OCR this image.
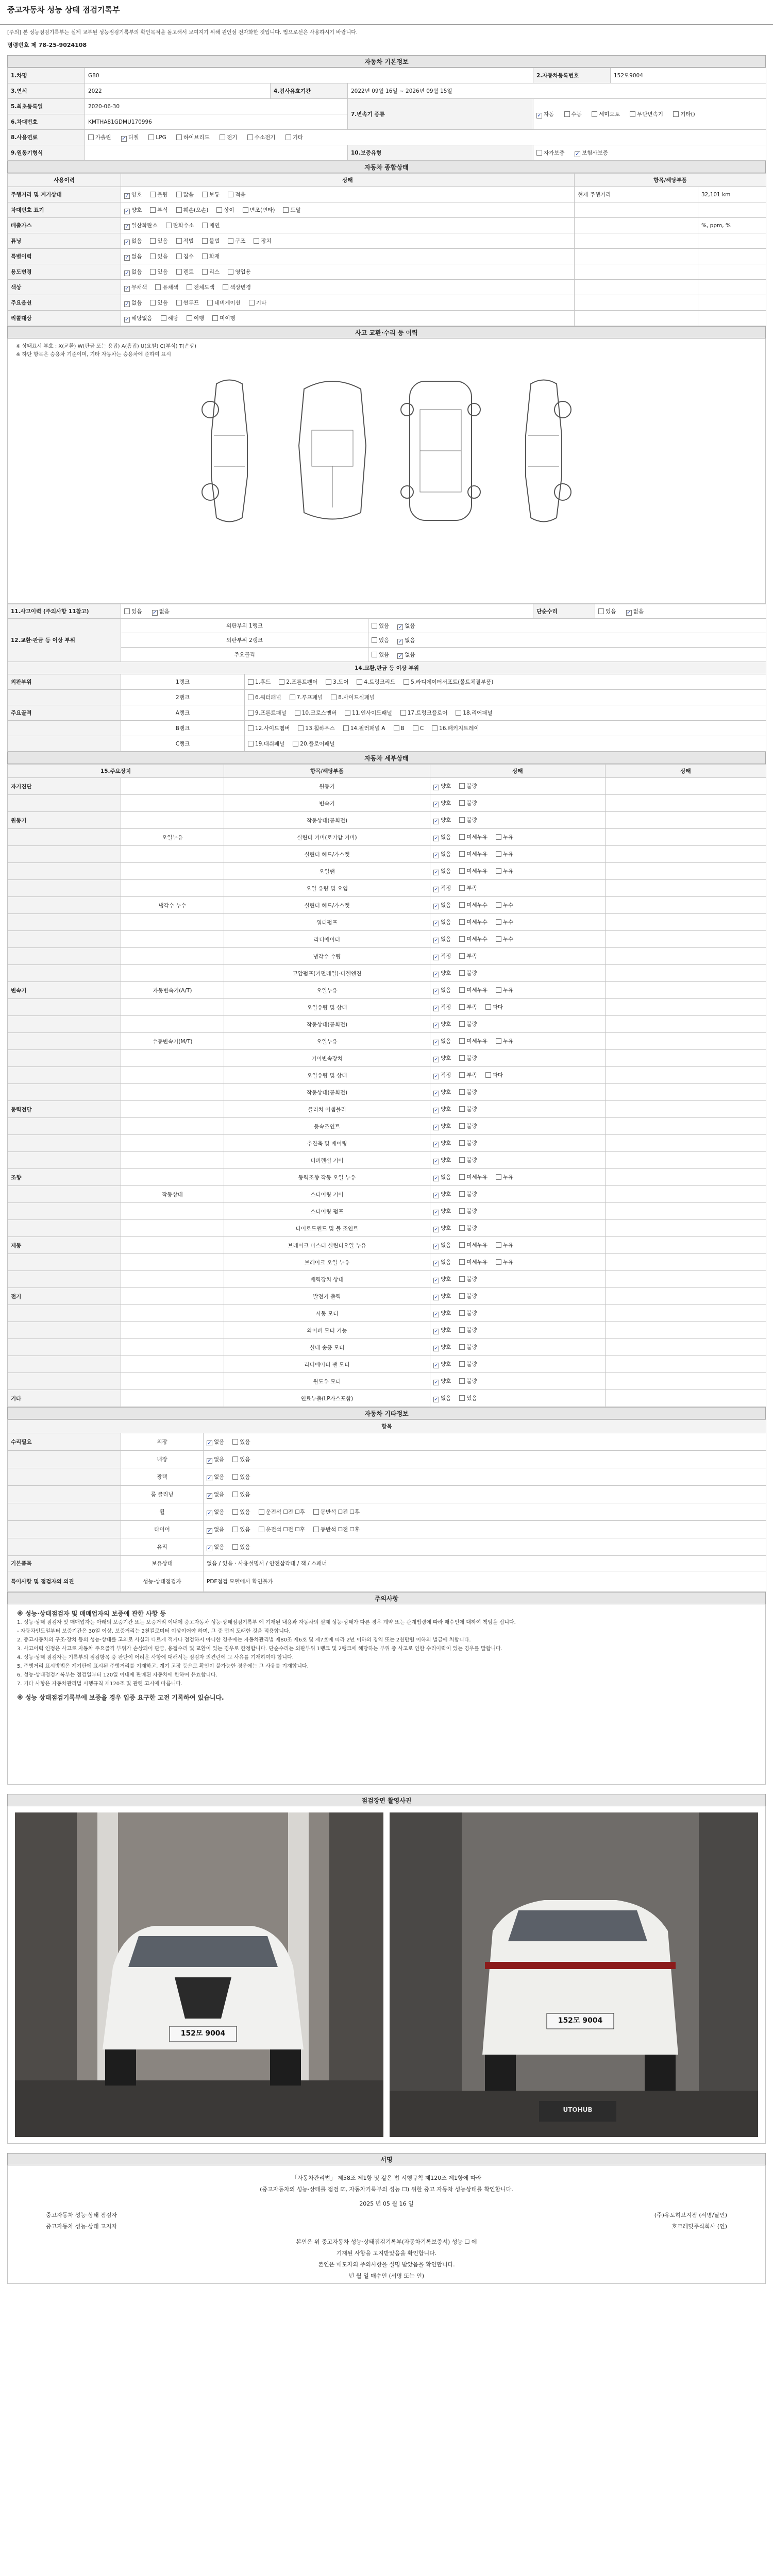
중고자동차 성능 상태 점검기록부
[주의] 본 성능점검기록부는 실제 교부된 성능점검기록부의 확인목적을 돌고해서 보여지기 위해 원인섬 전자화한 것입니다. 법으로선은 사용하시기 바랍니다.
명령번호 제 78-25-9024108
자동차 기본정보
1.차명	G80			2.자동차등록번호	152모9004
3.연식	2022	4.검사유효기간	2022년 09월 16일 ~ 2026년 09월 15일		
5.최초등록일	2020-06-30		7.변속기 종류	✓ 자동 수동 세미오토 무단변속기 기타()	
6.차대번호	KMTHA81GDMU170996				
8.사용연료	가솔린 ✓ 디젤 LPG 하이브리드 전기 수소전기 기타				
9.원동기형식			10.보증유형	자가보증 ✓ 보험사보증	
자동차 종합상태
사용이력	상태	항목/해당부품	
주행거리 및 계기상태	✓ 양호 불량 많음 보통 적음	현재 주행거리	32,101 km
차대번호 표기	✓ 양호 부식 훼손(오손) 상이 변조(변타) 도말		
배출가스	✓ 일산화탄소 탄화수소 매연		%, ppm, %
튜닝	✓ 없음 있음 적법 불법 구조 장치		
특별이력	✓ 없음 있음 침수 화재		
용도변경	✓ 없음 있음 렌트 리스 영업용		
색상	✓ 무채색 유채색 전체도색 색상변경		
주요옵션	✓ 없음 있음 썬루프 네비게이션 기타		
리콜대상	✓ 해당없음 해당 이행 미이행		
사고 교환·수리 등 이력
※ 상태표시 부호 : X(교환) W(판금 또는 용접) A(흠집) U(요철) C(부식) T(손상)
※ 하단 항목은 승용차 기준이며, 기타 자동차는 승용차에 준하여 표시
11.사고이력 (주의사항 11참고)	있음 ✓ 없음			단순수리	있음 ✓ 없음
12.교환·판금 등 이상 부위	외판부위 1랭크		있음 ✓ 없음		
	외판부위 2랭크		있음 ✓ 없음		
	주요골격		있음 ✓ 없음		
14.교환,판금 등 이상 부위					
외판부위	1랭크	1.후드 2.프론트펜더 3.도어 4.트렁크리드 5.라디에이터서포트(볼트체결부품)			
	2랭크	6.쿼터패널 7.루프패널 8.사이드실패널			
주요골격	A랭크	9.프론트패널 10.크로스멤버 11.인사이드패널 17.트렁크플로어 18.리어패널			
	B랭크	12.사이드멤버 13.휠하우스 14.필러패널 A B C 16.패키지트레이			
	C랭크	19.대쉬패널 20.플로어패널			
자동차 세부상태
15.주요장치		항목/해당부품	상태	상태
자기진단		원동기	✓ 양호 불량	
		변속기	✓ 양호 불량	
원동기		작동상태(공회전)	✓ 양호 불량	
	오일누유	실린더 커버(로커암 커버)	✓ 없음 미세누유 누유	
		실린더 헤드/가스켓	✓ 없음 미세누유 누유	
		오일팬	✓ 없음 미세누유 누유	
		오일 유량 및 오염	✓ 적정 부족	
	냉각수 누수	실린더 헤드/가스켓	✓ 없음 미세누수 누수	
		워터펌프	✓ 없음 미세누수 누수	
		라디에이터	✓ 없음 미세누수 누수	
		냉각수 수량	✓ 적정 부족	
		고압펌프(커먼레일)-디젤엔진	✓ 양호 불량	
변속기	자동변속기(A/T)	오일누유	✓ 없음 미세누유 누유	
		오일유량 및 상태	✓ 적정 부족 과다	
		작동상태(공회전)	✓ 양호 불량	
	수동변속기(M/T)	오일누유	✓ 없음 미세누유 누유	
		기어변속장치	✓ 양호 불량	
		오일유량 및 상태	✓ 적정 부족 과다	
		작동상태(공회전)	✓ 양호 불량	
동력전달		클러치 어셈블리	✓ 양호 불량	
		등속조인트	✓ 양호 불량	
		추진축 및 베어링	✓ 양호 불량	
		디퍼렌셜 기어	✓ 양호 불량	
조향		동력조향 작동 오일 누유	✓ 없음 미세누유 누유	
	작동상태	스티어링 기어	✓ 양호 불량	
		스티어링 펌프	✓ 양호 불량	
		타이로드엔드 및 볼 조인트	✓ 양호 불량	
제동		브레이크 마스터 실린더오일 누유	✓ 없음 미세누유 누유	
		브레이크 오일 누유	✓ 없음 미세누유 누유	
		배력장치 상태	✓ 양호 불량	
전기		발전기 출력	✓ 양호 불량	
		시동 모터	✓ 양호 불량	
		와이퍼 모터 기능	✓ 양호 불량	
		실내 송풍 모터	✓ 양호 불량	
		라디에이터 팬 모터	✓ 양호 불량	
		윈도우 모터	✓ 양호 불량	
기타		연료누출(LP가스포함)	✓ 없음 있음	
자동차 기타정보
항목		
수리필요	외장	✓ 없음 있음
	내장	✓ 없음 있음
	광택	✓ 없음 있음
	룸 클리닝	✓ 없음 있음
	휠	✓ 없음 있음 운전석 ☐전 ☐후 동반석 ☐전 ☐후
	타이어	✓ 없음 있음 운전석 ☐전 ☐후 동반석 ☐전 ☐후
	유리	✓ 없음 있음
기본품목	보유상태	없음 / 있음 · 사용설명서 / 안전삼각대 / 잭 / 스패너
특이사항 및 점검자의 의견	성능·상태점검자	PDF점검 모델에서 확인불가
주의사항
※ 성능·상태점검자 및 매매업자의 보증에 관한 사항 등
1. 성능·상태 점검자 및 매매업자는 아래의 보증기간 또는 보증거리 이내에 중고자동차 성능·상태점검기록부 에 기재된 내용과 자동차의 실제 성능·상태가 다른 경우 계약 또는 관계법령에 따라 매수인에 대하여 책임을 집니다.
- 자동차인도일부터 보증기간은 30일 이상, 보증거리는 2천킬로미터 이상이어야 하며, 그 중 먼저 도래한 것을 적용합니다.
2. 중고자동차의 구조·장치 등의 성능·상태를 고의로 사실과 다르게 적거나 점검하지 아니한 경우에는 자동차관리법 제80조 제6호 및 제7호에 따라 2년 이하의 징역 또는 2천만원 이하의 벌금에 처합니다.
3. 사고이력 인정은 사고로 자동차 주요골격 부위가 손상되어 판금, 용접수리 및 교환이 있는 경우로 한정합니다. 단순수리는 외판부위 1랭크 및 2랭크에 해당하는 부위 중 사고로 인한 수리이력이 있는 경우를 말합니다.
4. 성능·상태 점검자는 기록부의 점검항목 중 판단이 어려운 사항에 대해서는 점검자 의견란에 그 사유를 기재하여야 합니다.
5. 주행거리 표시방법은 계기판에 표시된 주행거리를 기재하고, 계기 고장 등으로 확인이 불가능한 경우에는 그 사유를 기재합니다.
6. 성능·상태점검기록부는 점검일부터 120일 이내에 판매된 자동차에 한하여 유효합니다.
7. 기타 사항은 자동차관리법 시행규칙 제120조 및 관련 고시에 따릅니다.
※ 성능 상태점검기록부에 보증을 경우 입증 요구한 고전 기록하여 있습니다.
점검장면 촬영사진
152모 9004
152모 9004
UTOHUB
서명
「자동차관리법」 제58조 제1항 및 같은 법 시행규칙 제120조 제1항에 따라
(중고자동차의 성능·상태를 점검 ☑, 자동차기록부의 성능 ☐) 위한 중고 자동차 성능상태를 확인합니다.
2025 년 05 월 16 일
중고자동차 성능·상태 점검자	(주)유토허브지점 (서명/날인)
중고자동차 성능·상태 고지자	호크레딧주식회사 (인)
본인은 위 중고자동차 성능·상태점검기록부(자동차기록보증서) 성능 ☐ 에
기재된 사항을 고지받았음을 확인합니다.
본인은 매도자의 주의사항을 설명 받았음을 확인합니다.
년 월 일 매수인 (서명 또는 인)
